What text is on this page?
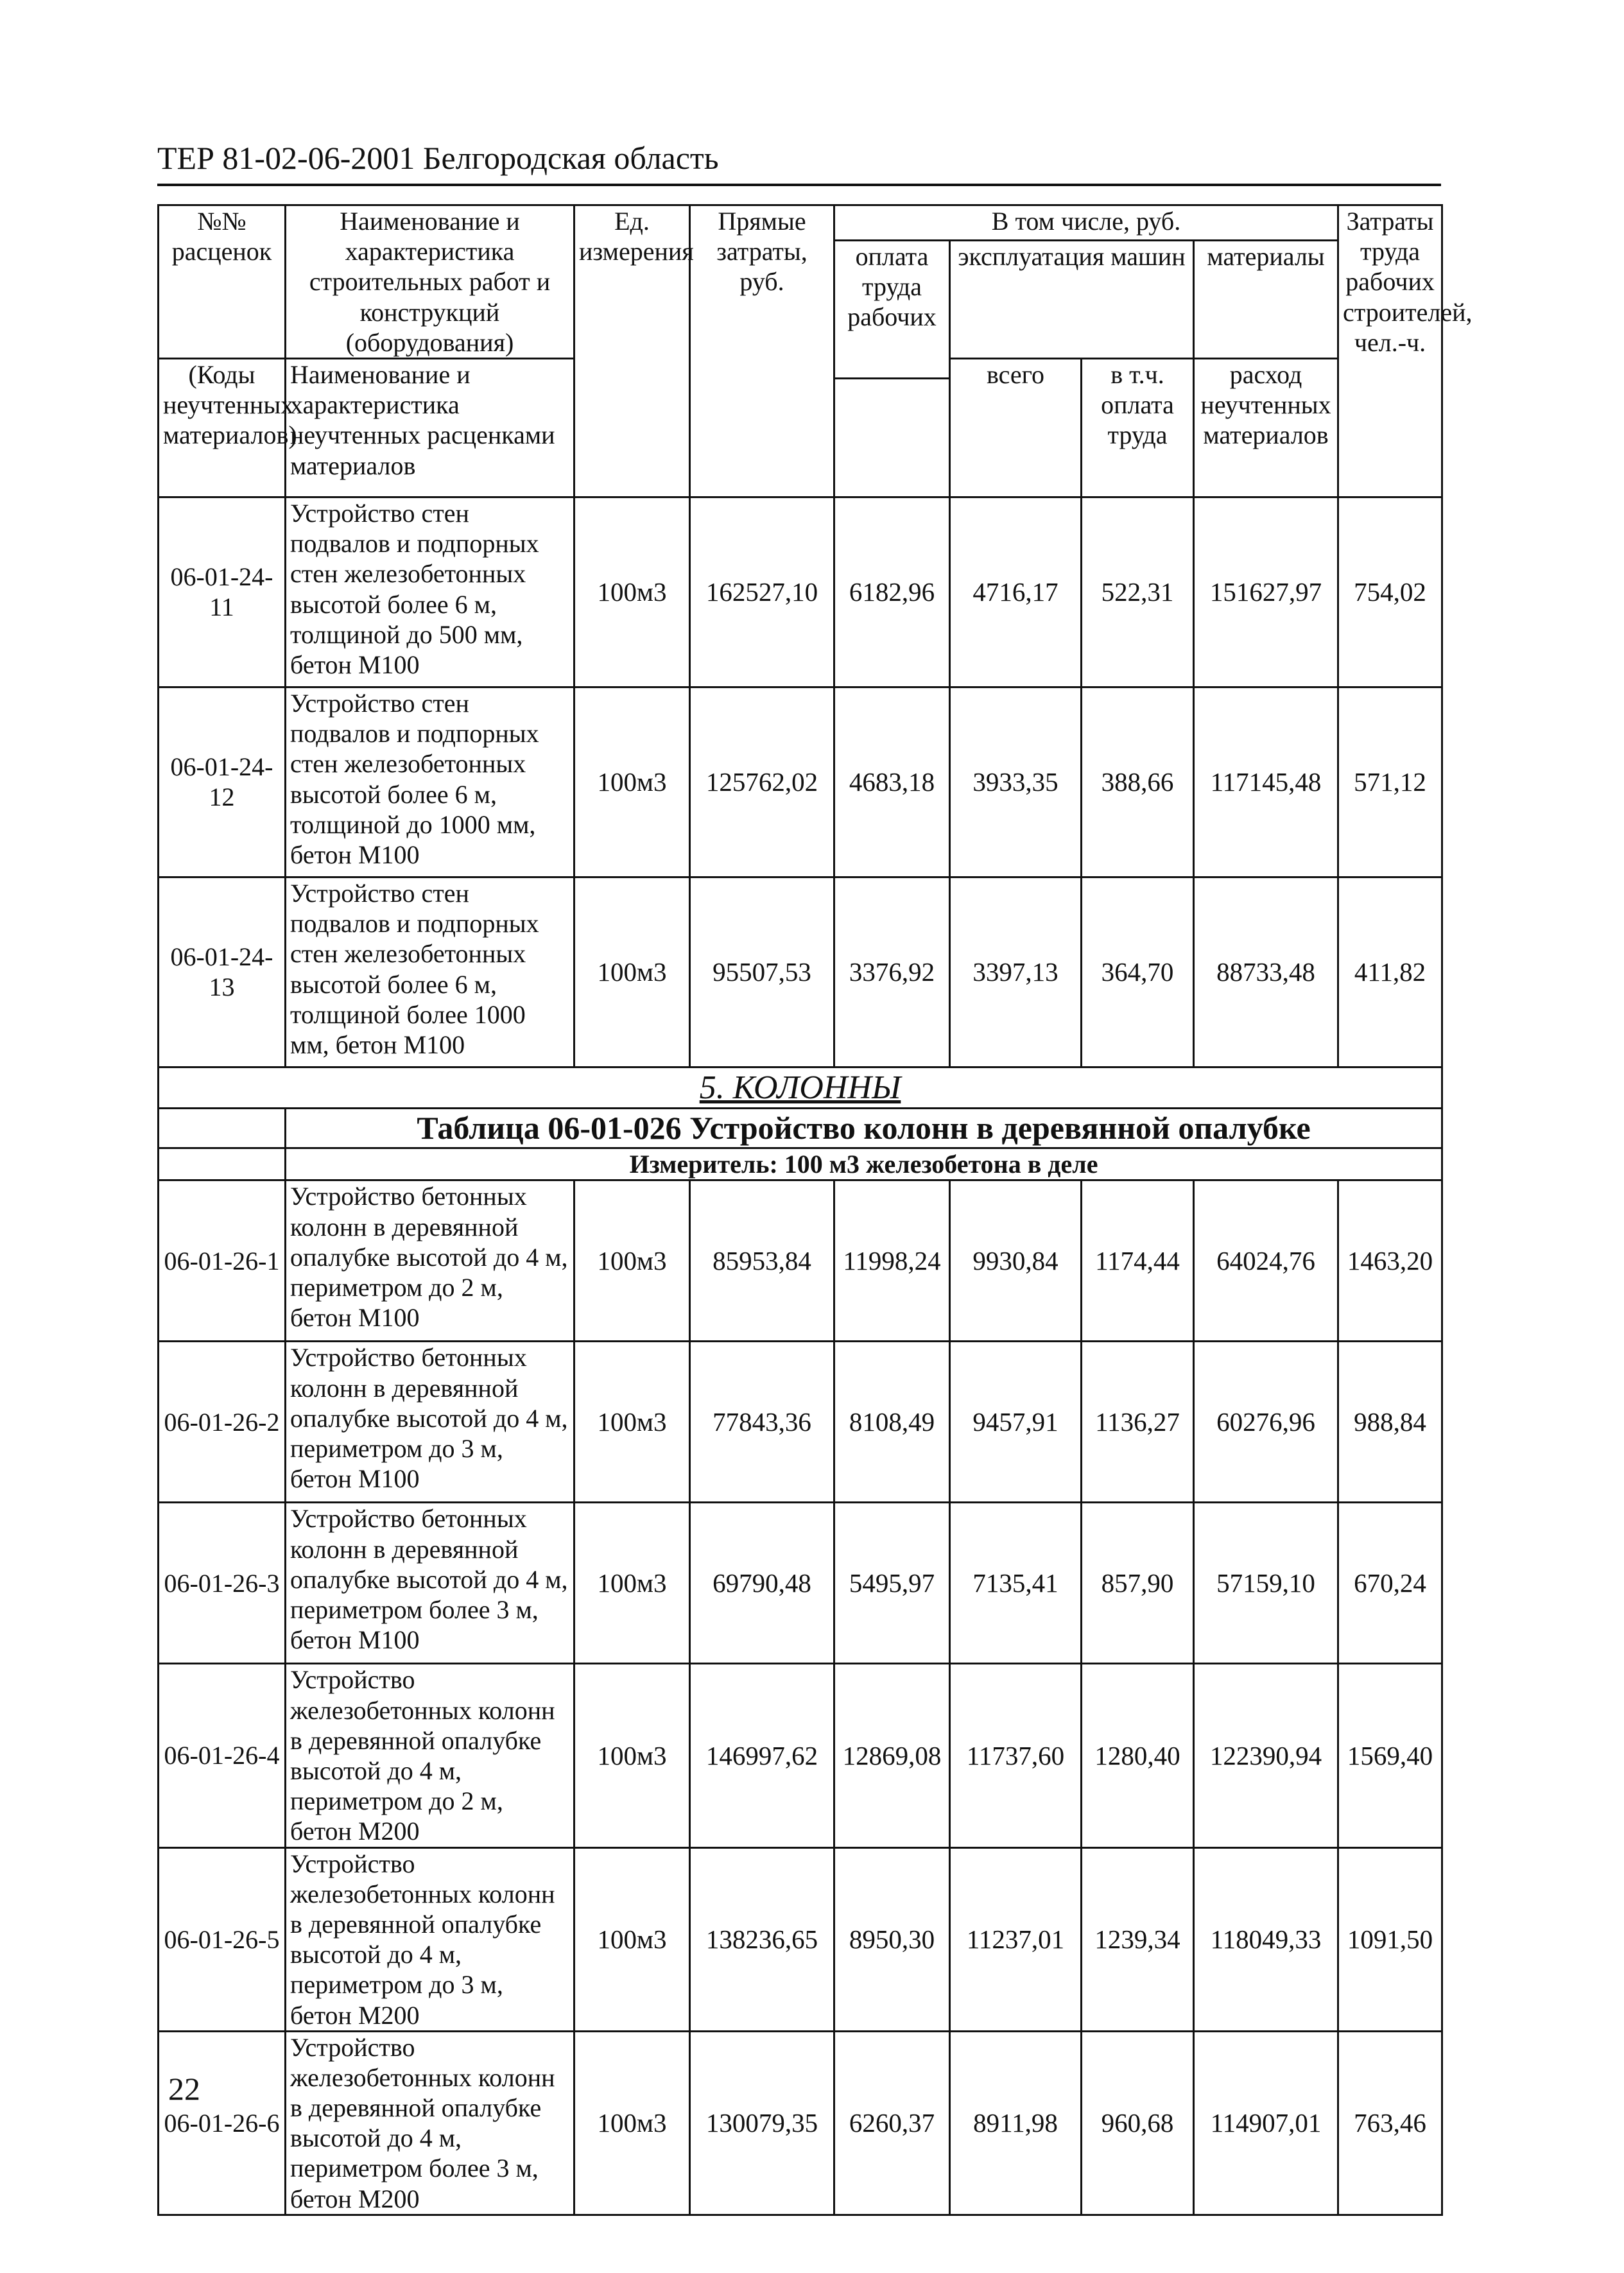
ТЕР 81-02-06-2001 Белгородская область
№№ расценок	Наименование и характеристика строительных работ и конструкций (оборудования)	Ед. измерения	Прямые затраты, руб.	В том числе, руб.				Затраты труда рабочих строителей, чел.-ч.
				оплата труда рабочих	эксплуатация машин		материалы	

(Коды неучтенных материалов)	Наименование и характеристика неучтенных расценками материалов				всего	в т.ч. оплата труда	расход неучтенных материалов	

06-01-24-11	Устройство стен подвалов и подпорных стен железобетонных высотой более 6 м, толщиной до 500 мм, бетон М100	100м3	162527,10	6182,96	4716,17	522,31	151627,97	754,02
06-01-24-12	Устройство стен подвалов и подпорных стен железобетонных высотой более 6 м, толщиной до 1000 мм, бетон М100	100м3	125762,02	4683,18	3933,35	388,66	117145,48	571,12
06-01-24-13	Устройство стен подвалов и подпорных стен железобетонных высотой более 6 м, толщиной более 1000 мм, бетон М100	100м3	95507,53	3376,92	3397,13	364,70	88733,48	411,82
5. КОЛОННЫ								
	Таблица 06-01-026 Устройство колонн в деревянной опалубке							
	Измеритель: 100 м3 железобетона в деле							
06-01-26-1	Устройство бетонных колонн в деревянной опалубке высотой до 4 м, периметром до 2 м, бетон М100	100м3	85953,84	11998,24	9930,84	1174,44	64024,76	1463,20
06-01-26-2	Устройство бетонных колонн в деревянной опалубке высотой до 4 м, периметром до 3 м, бетон М100	100м3	77843,36	8108,49	9457,91	1136,27	60276,96	988,84
06-01-26-3	Устройство бетонных колонн в деревянной опалубке высотой до 4 м, периметром более 3 м, бетон М100	100м3	69790,48	5495,97	7135,41	857,90	57159,10	670,24
06-01-26-4	Устройство железобетонных колонн в деревянной опалубке высотой до 4 м, периметром до 2 м, бетон М200	100м3	146997,62	12869,08	11737,60	1280,40	122390,94	1569,40
06-01-26-5	Устройство железобетонных колонн в деревянной опалубке высотой до 4 м, периметром до 3 м, бетон М200	100м3	138236,65	8950,30	11237,01	1239,34	118049,33	1091,50
06-01-26-6	Устройство железобетонных колонн в деревянной опалубке высотой до 4 м, периметром более 3 м, бетон М200	100м3	130079,35	6260,37	8911,98	960,68	114907,01	763,46
22
